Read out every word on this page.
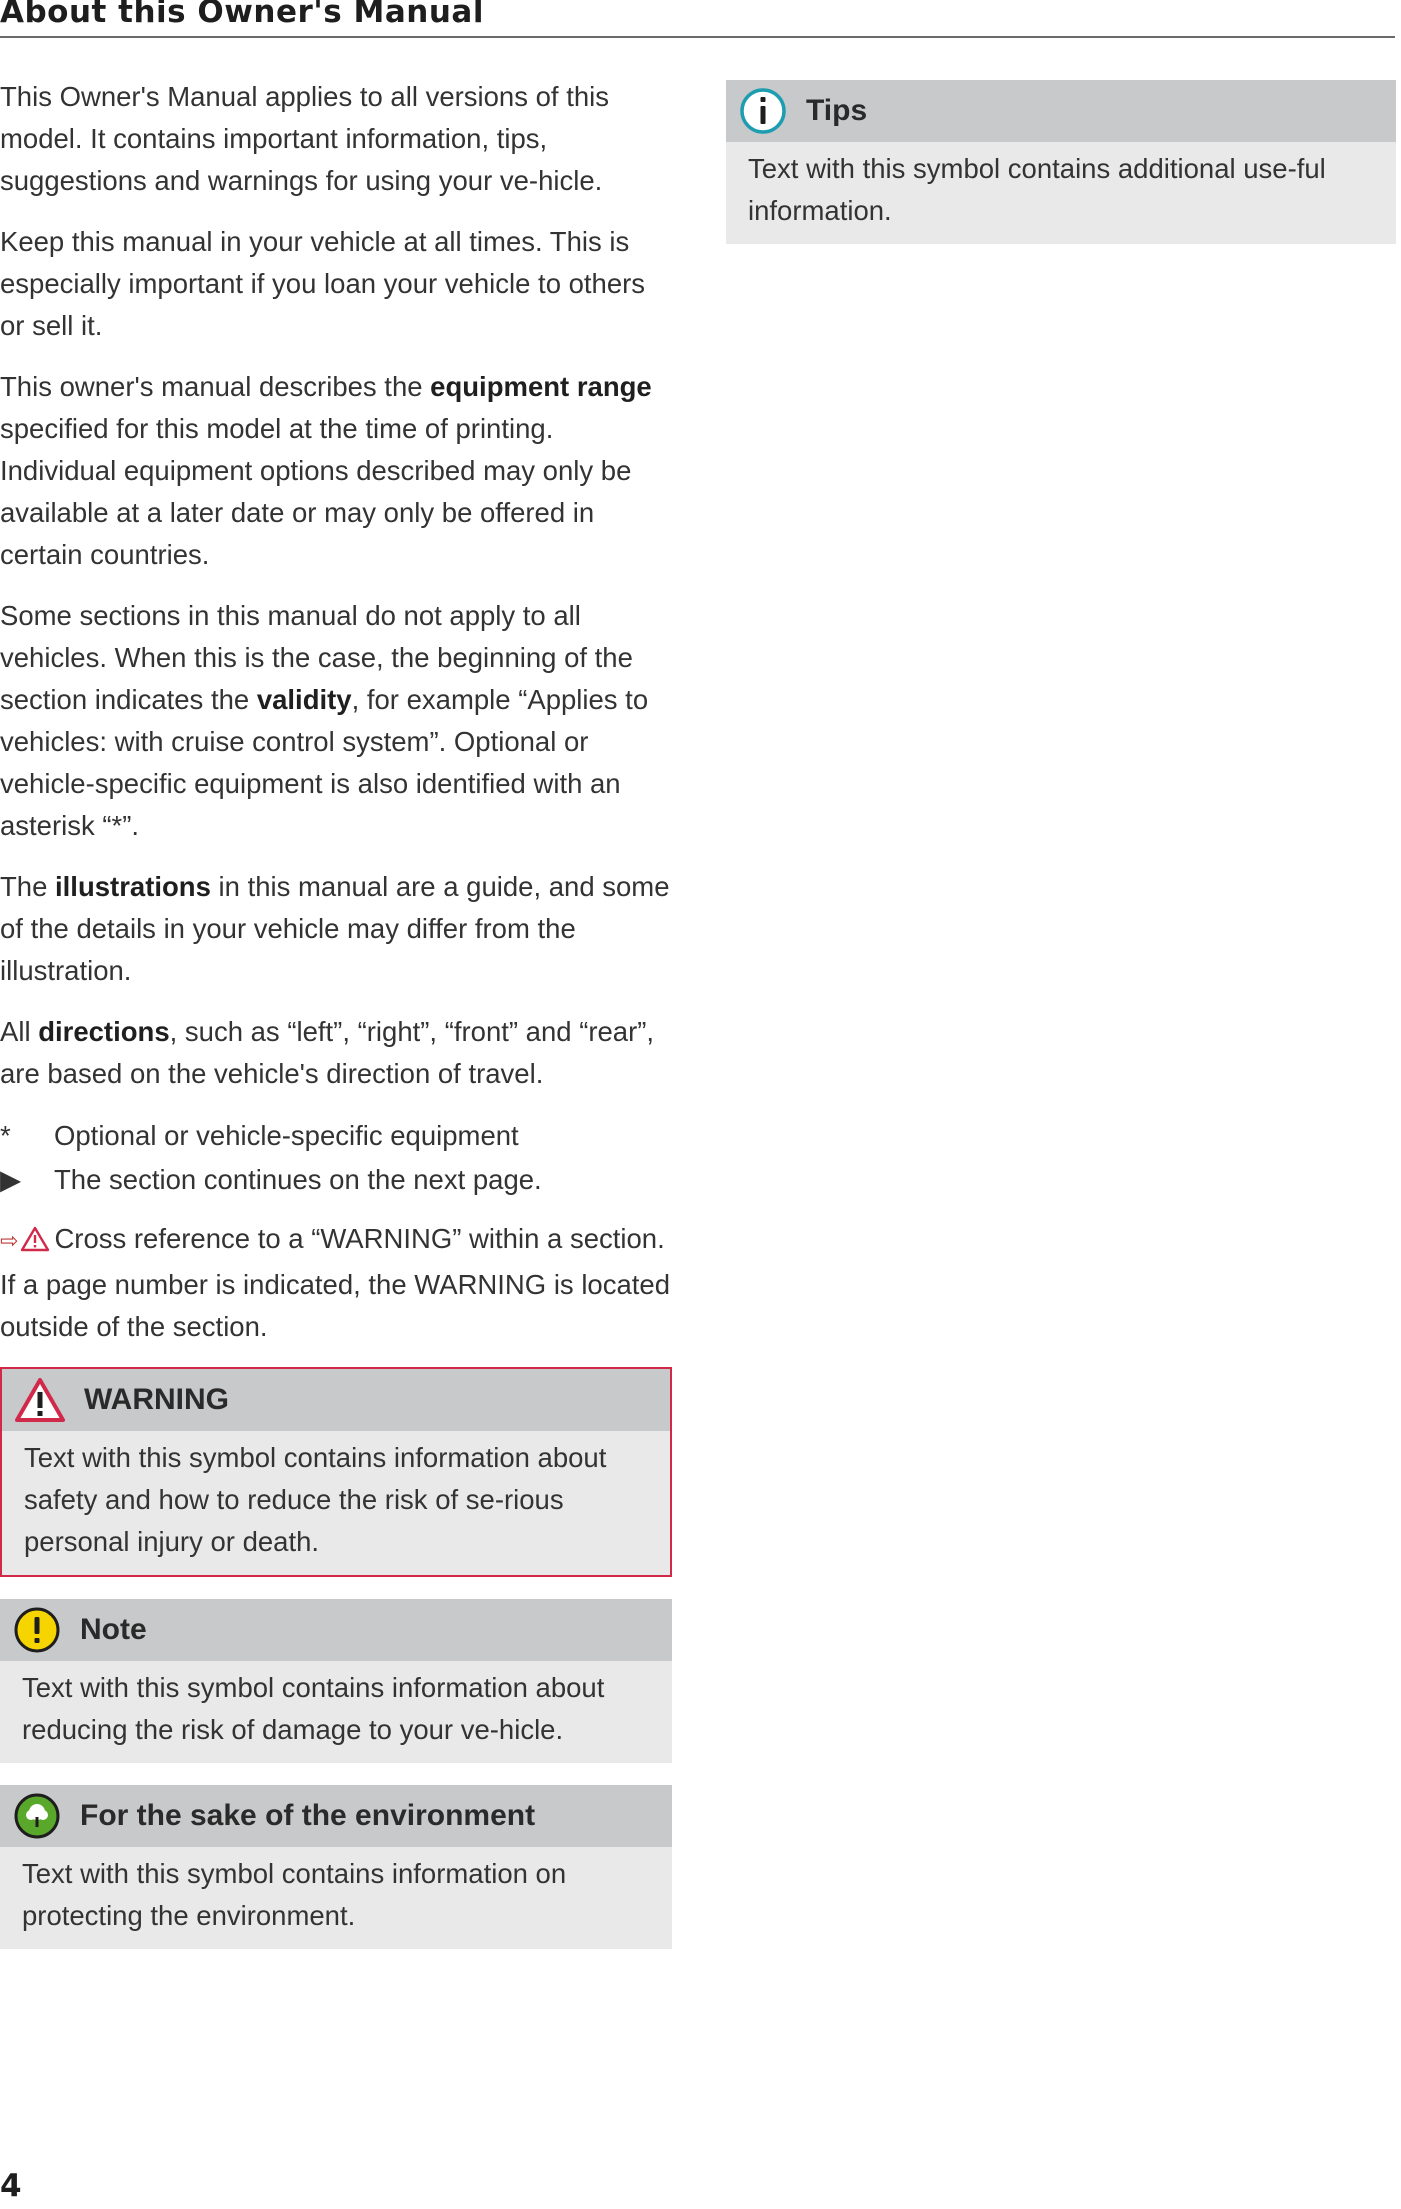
About this Owner's Manual

This Owner's Manual applies to all versions of this model. It contains important information, tips, suggestions and warnings for using your ve-hicle.

Keep this manual in your vehicle at all times. This is especially important if you loan your vehicle to others or sell it.

This owner's manual describes the equipment range specified for this model at the time of printing. Individual equipment options described may only be available at a later date or may only be offered in certain countries.

Some sections in this manual do not apply to all vehicles. When this is the case, the beginning of the section indicates the validity, for example “Applies to vehicles: with cruise control system”. Optional or vehicle-specific equipment is also identified with an asterisk “*”.

The illustrations in this manual are a guide, and some of the details in your vehicle may differ from the illustration.

All directions, such as “left”, “right”, “front” and “rear”, are based on the vehicle's direction of travel.

*	Optional or vehicle-specific equipment
▶	The section continues on the next page.

⇨ Cross reference to a “WARNING” within a section. If a page number is indicated, the WARNING is located outside of the section.

WARNING
Text with this symbol contains information about safety and how to reduce the risk of se-rious personal injury or death.
Note
Text with this symbol contains information about reducing the risk of damage to your ve-hicle.
For the sake of the environment
Text with this symbol contains information on protecting the environment.
Tips
Text with this symbol contains additional use-ful information.
4
